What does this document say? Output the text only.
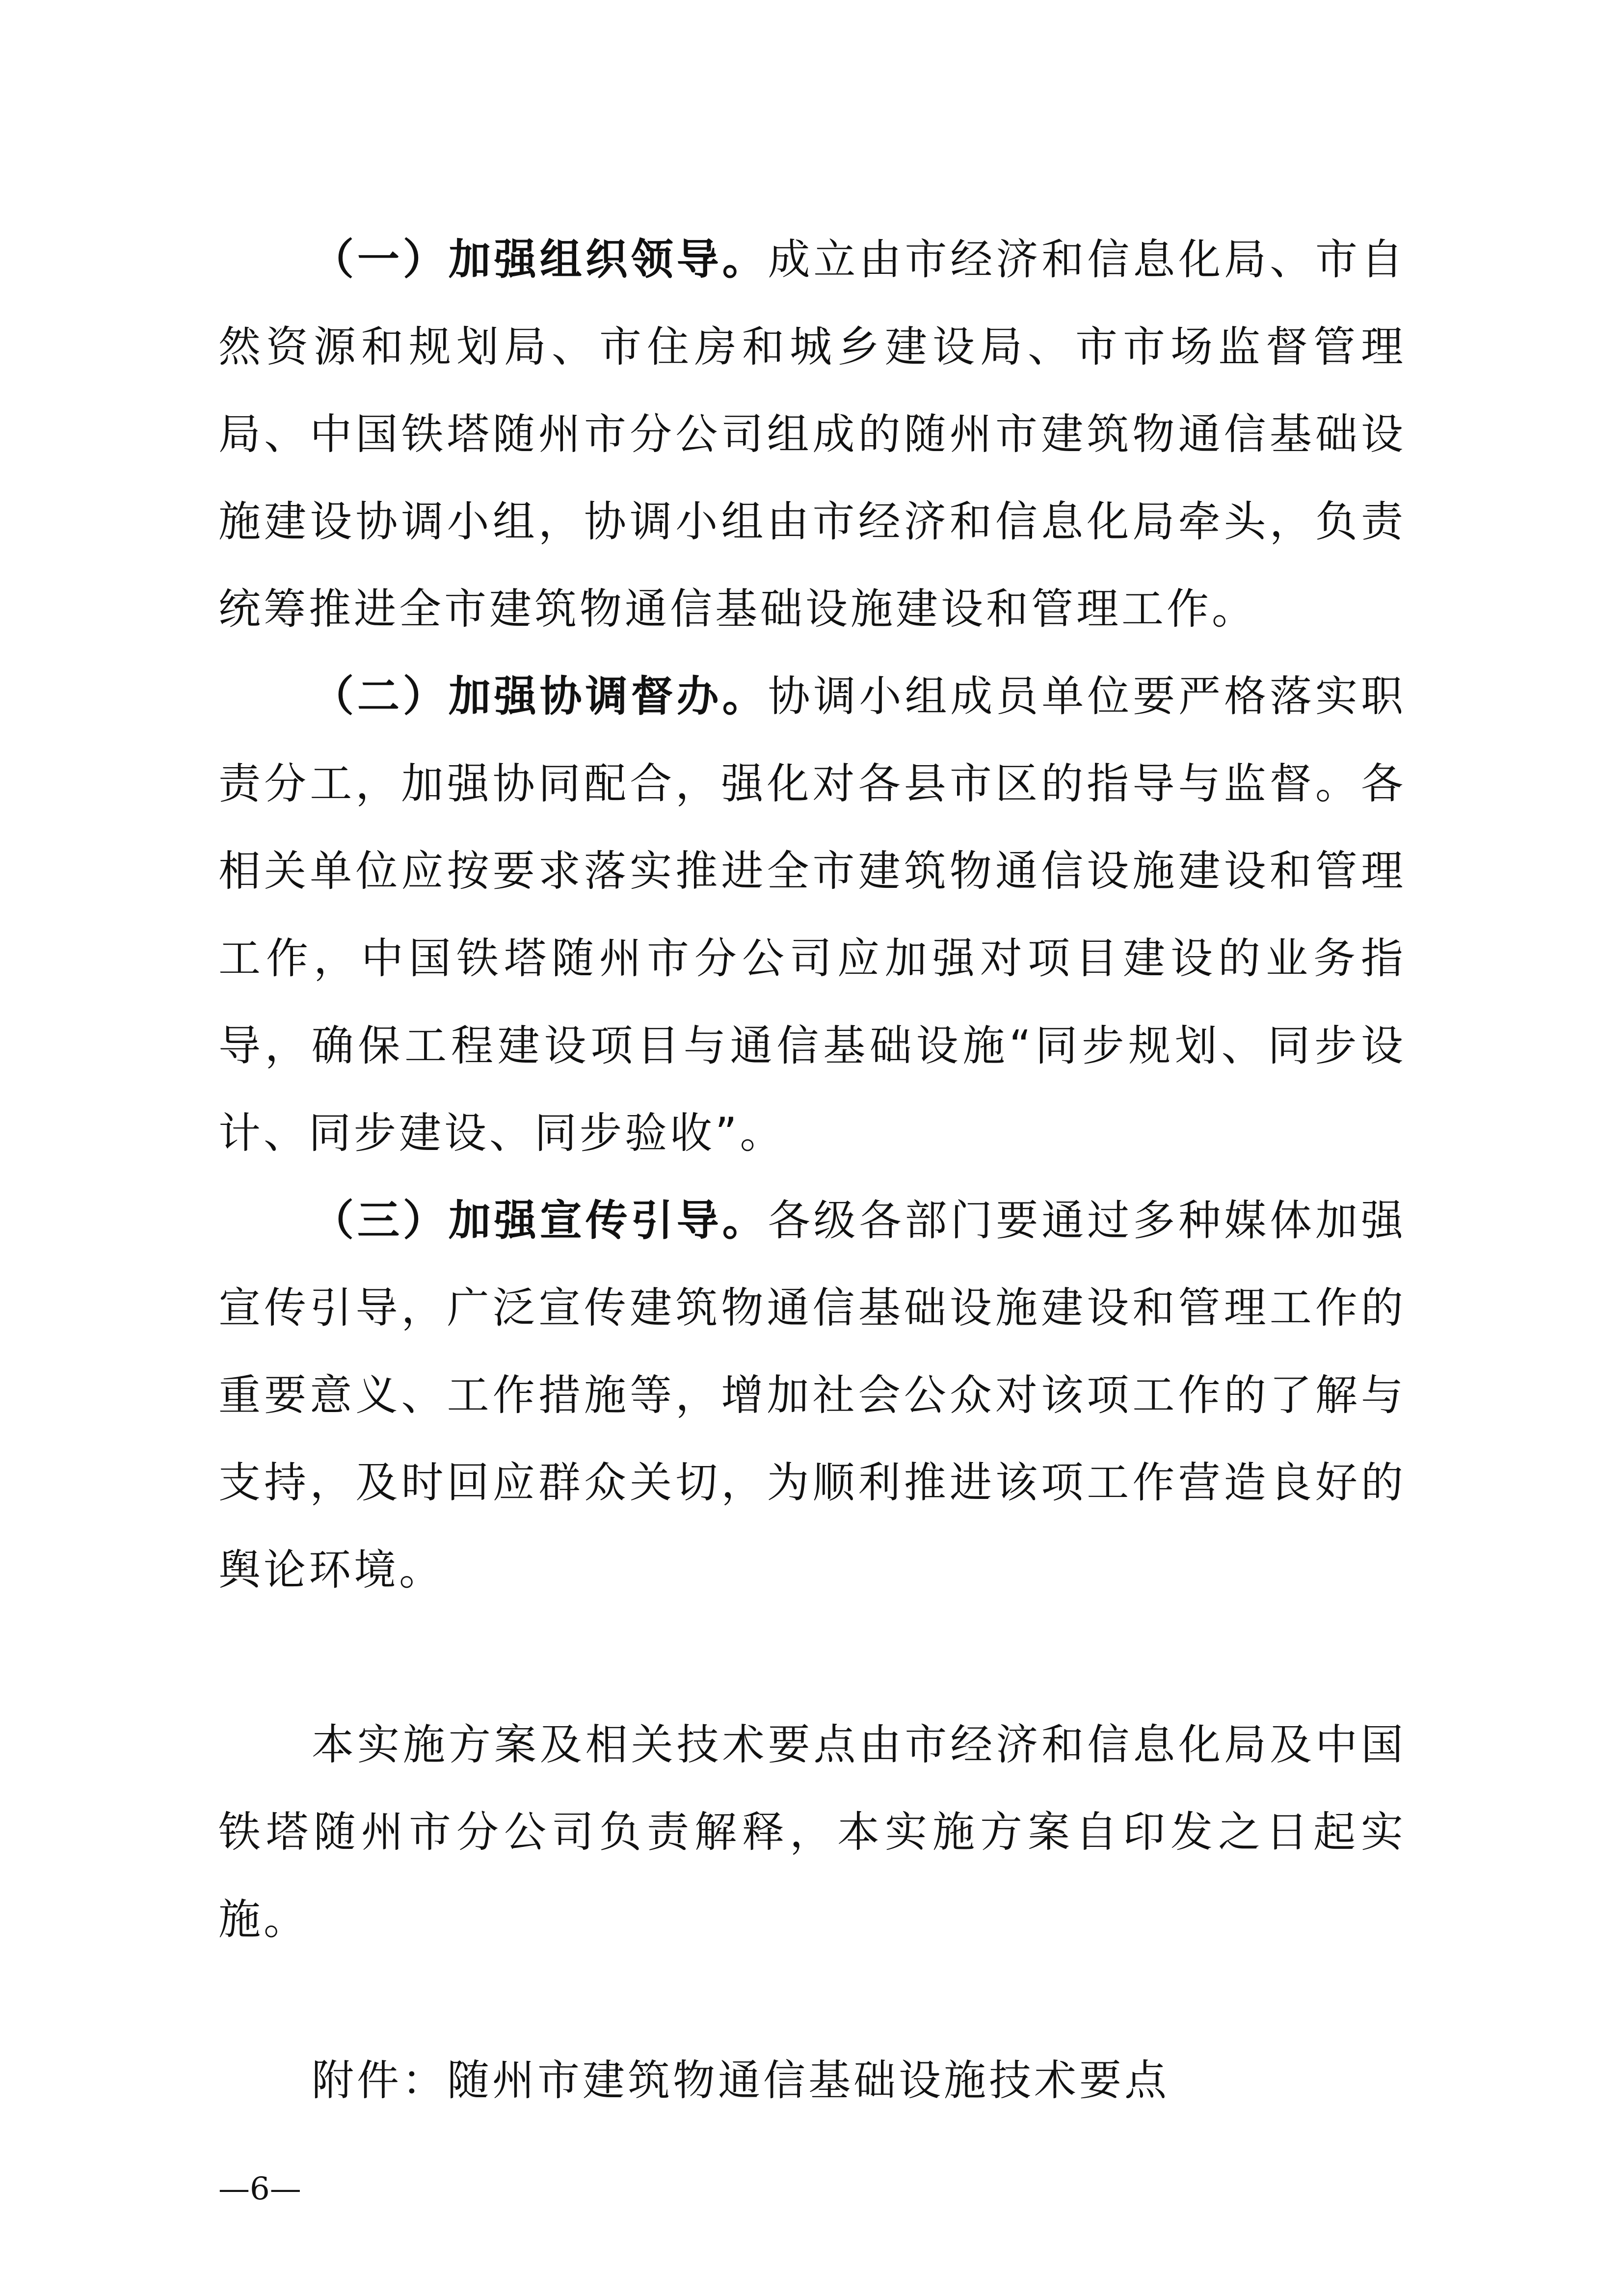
（一）加强组织领导。成立由市经济和信息化局、市自然资源和规划局、市住房和城乡建设局、市市场监督管理局、中国铁塔随州市分公司组成的随州市建筑物通信基础设施建设协调小组，协调小组由市经济和信息化局牵头，负责统筹推进全市建筑物通信基础设施建设和管理工作。

（二）加强协调督办。协调小组成员单位要严格落实职责分工，加强协同配合，强化对各县市区的指导与监督。各相关单位应按要求落实推进全市建筑物通信设施建设和管理工作，中国铁塔随州市分公司应加强对项目建设的业务指导，确保工程建设项目与通信基础设施“同步规划、同步设计、同步建设、同步验收”。

（三）加强宣传引导。各级各部门要通过多种媒体加强宣传引导，广泛宣传建筑物通信基础设施建设和管理工作的重要意义、工作措施等，增加社会公众对该项工作的了解与支持，及时回应群众关切，为顺利推进该项工作营造良好的舆论环境。

本实施方案及相关技术要点由市经济和信息化局及中国铁塔随州市分公司负责解释，本实施方案自印发之日起实施。

附件：随州市建筑物通信基础设施技术要点

—6—
